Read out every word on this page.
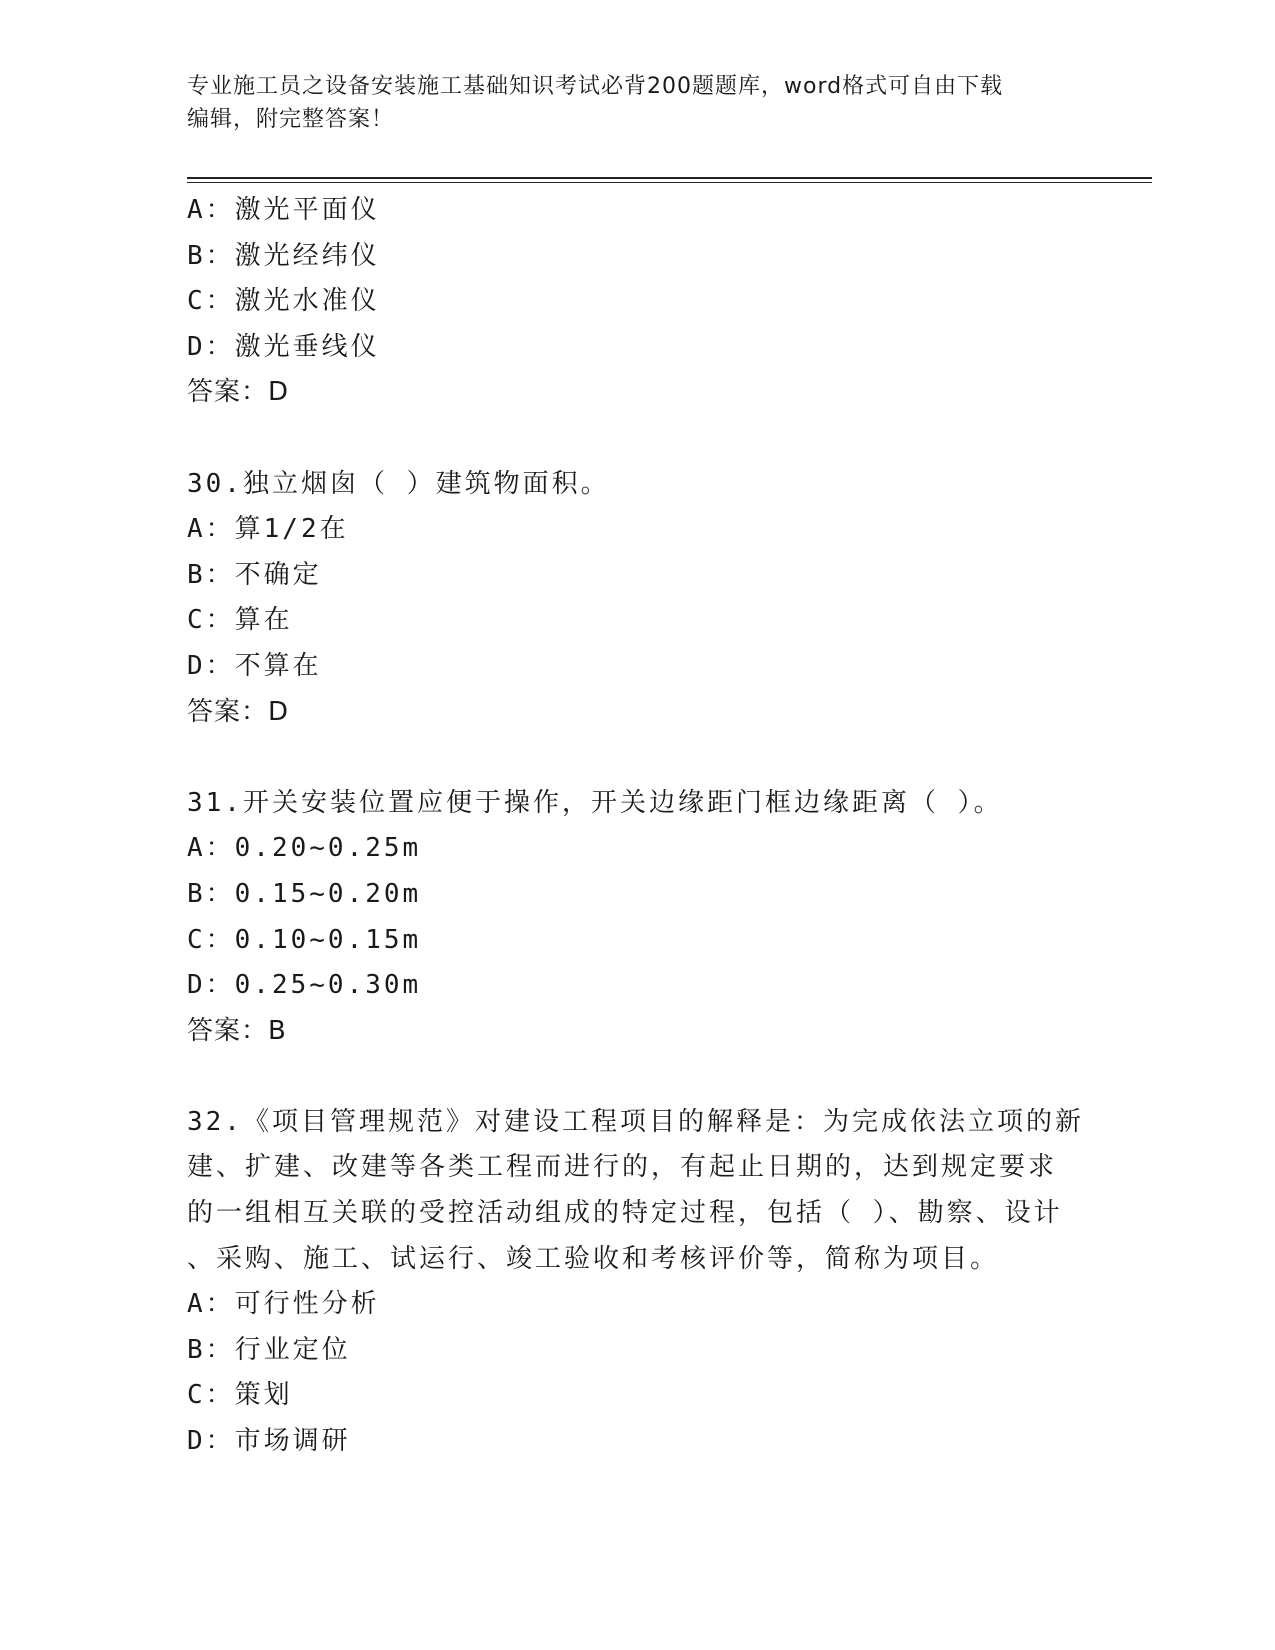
专业施工员之设备安装施工基础知识考试必背200题题库，word格式可自由下载
编辑，附完整答案！
A：激光平面仪
B：激光经纬仪
C：激光水准仪
D：激光垂线仪
答案：D
30.独立烟囱（ ）建筑物面积。
A：算1/2在
B：不确定
C：算在
D：不算在
答案：D
31.开关安装位置应便于操作，开关边缘距门框边缘距离（ ）。
A：0.20~0.25m
B：0.15~0.20m
C：0.10~0.15m
D：0.25~0.30m
答案：B
32.《项目管理规范》对建设工程项目的解释是：为完成依法立项的新
建、扩建、改建等各类工程而进行的，有起止日期的，达到规定要求
的一组相互关联的受控活动组成的特定过程，包括（ ）、勘察、设计
、采购、施工、试运行、竣工验收和考核评价等，简称为项目。
A：可行性分析
B：行业定位
C：策划
D：市场调研
